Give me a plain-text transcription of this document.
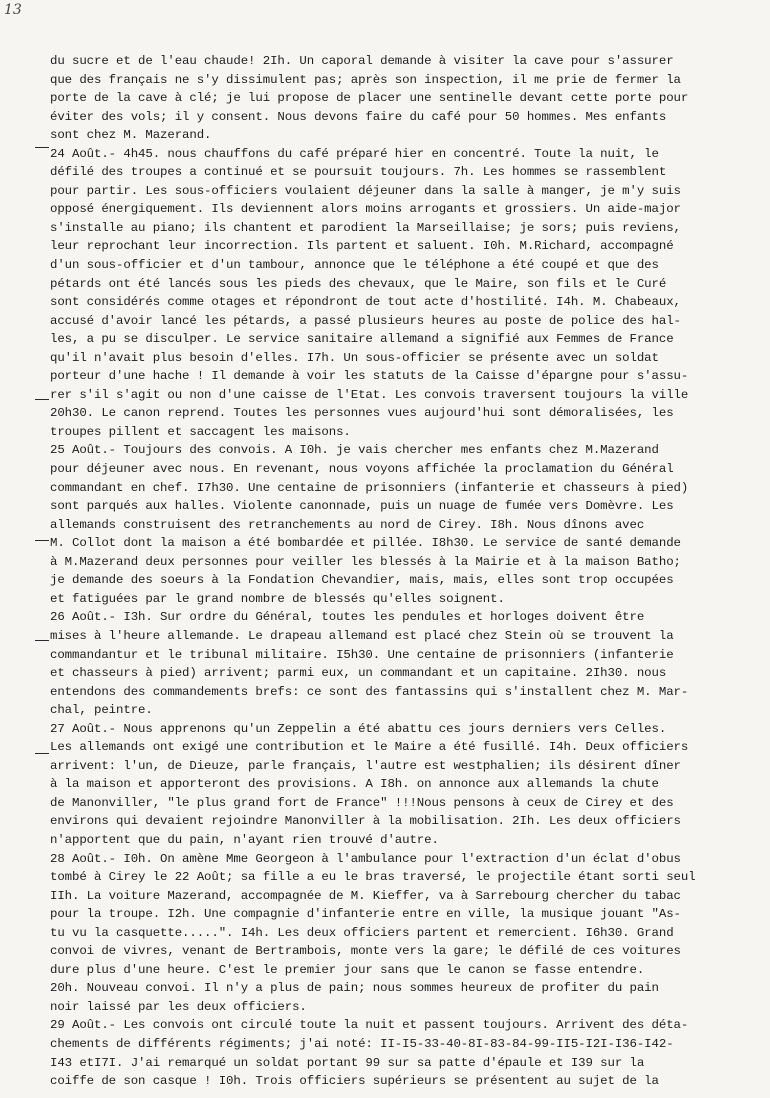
13
du sucre et de l'eau chaude! 2Ih. Un caporal demande à visiter la cave pour s'assurer
que des français ne s'y dissimulent pas; après son inspection, il me prie de fermer la
porte de la cave à clé; je lui propose de placer une sentinelle devant cette porte pour
éviter des vols; il y consent. Nous devons faire du café pour 50 hommes. Mes enfants
sont chez M. Mazerand.
24 Août.- 4h45. nous chauffons du café préparé hier en concentré. Toute la nuit, le
défilé des troupes a continué et se poursuit toujours. 7h. Les hommes se rassemblent
pour partir. Les sous-officiers voulaient déjeuner dans la salle à manger, je m'y suis
opposé énergiquement. Ils deviennent alors moins arrogants et grossiers. Un aide-major
s'installe au piano; ils chantent et parodient la Marseillaise; je sors; puis reviens,
leur reprochant leur incorrection. Ils partent et saluent. I0h. M.Richard, accompagné
d'un sous-officier et d'un tambour, annonce que le téléphone a été coupé et que des
pétards ont été lancés sous les pieds des chevaux, que le Maire, son fils et le Curé
sont considérés comme otages et répondront de tout acte d'hostilité. I4h. M. Chabeaux,
accusé d'avoir lancé les pétards, a passé plusieurs heures au poste de police des hal-
les, a pu se disculper. Le service sanitaire allemand a signifié aux Femmes de France
qu'il n'avait plus besoin d'elles. I7h. Un sous-officier se présente avec un soldat
porteur d'une hache ! Il demande à voir les statuts de la Caisse d'épargne pour s'assu-
rer s'il s'agit ou non d'une caisse de l'Etat. Les convois traversent toujours la ville
20h30. Le canon reprend. Toutes les personnes vues aujourd'hui sont démoralisées, les
troupes pillent et saccagent les maisons.
25 Août.- Toujours des convois. A I0h. je vais chercher mes enfants chez M.Mazerand
pour déjeuner avec nous. En revenant, nous voyons affichée la proclamation du Général
commandant en chef. I7h30. Une centaine de prisonniers (infanterie et chasseurs à pied)
sont parqués aux halles. Violente canonnade, puis un nuage de fumée vers Domèvre. Les
allemands construisent des retranchements au nord de Cirey. I8h. Nous dînons avec
M. Collot dont la maison a été bombardée et pillée. I8h30. Le service de santé demande
à M.Mazerand deux personnes pour veiller les blessés à la Mairie et à la maison Batho;
je demande des soeurs à la Fondation Chevandier, mais, mais, elles sont trop occupées
et fatiguées par le grand nombre de blessés qu'elles soignent.
26 Août.- I3h. Sur ordre du Général, toutes les pendules et horloges doivent être
mises à l'heure allemande. Le drapeau allemand est placé chez Stein où se trouvent la
commandantur et le tribunal militaire. I5h30. Une centaine de prisonniers (infanterie
et chasseurs à pied) arrivent; parmi eux, un commandant et un capitaine. 2Ih30. nous
entendons des commandements brefs: ce sont des fantassins qui s'installent chez M. Mar-
chal, peintre.
27 Août.- Nous apprenons qu'un Zeppelin a été abattu ces jours derniers vers Celles.
Les allemands ont exigé une contribution et le Maire a été fusillé. I4h. Deux officiers
arrivent: l'un, de Dieuze, parle français, l'autre est westphalien; ils désirent dîner
à la maison et apporteront des provisions. A I8h. on annonce aux allemands la chute
de Manonviller, "le plus grand fort de France" !!!Nous pensons à ceux de Cirey et des
environs qui devaient rejoindre Manonviller à la mobilisation. 2Ih. Les deux officiers
n'apportent que du pain, n'ayant rien trouvé d'autre.
28 Août.- I0h. On amène Mme Georgeon à l'ambulance pour l'extraction d'un éclat d'obus
tombé à Cirey le 22 Août; sa fille a eu le bras traversé, le projectile étant sorti seul
IIh. La voiture Mazerand, accompagnée de M. Kieffer, va à Sarrebourg chercher du tabac
pour la troupe. I2h. Une compagnie d'infanterie entre en ville, la musique jouant "As-
tu vu la casquette.....". I4h. Les deux officiers partent et remercient. I6h30. Grand
convoi de vivres, venant de Bertrambois, monte vers la gare; le défilé de ces voitures
dure plus d'une heure. C'est le premier jour sans que le canon se fasse entendre.
20h. Nouveau convoi. Il n'y a plus de pain; nous sommes heureux de profiter du pain
noir laissé par les deux officiers.
29 Août.- Les convois ont circulé toute la nuit et passent toujours. Arrivent des déta-
chements de différents régiments; j'ai noté: II-I5-33-40-8I-83-84-99-II5-I2I-I36-I42-
I43 etI7I. J'ai remarqué un soldat portant 99 sur sa patte d'épaule et I39 sur la
coiffe de son casque ! I0h. Trois officiers supérieurs se présentent au sujet de la
